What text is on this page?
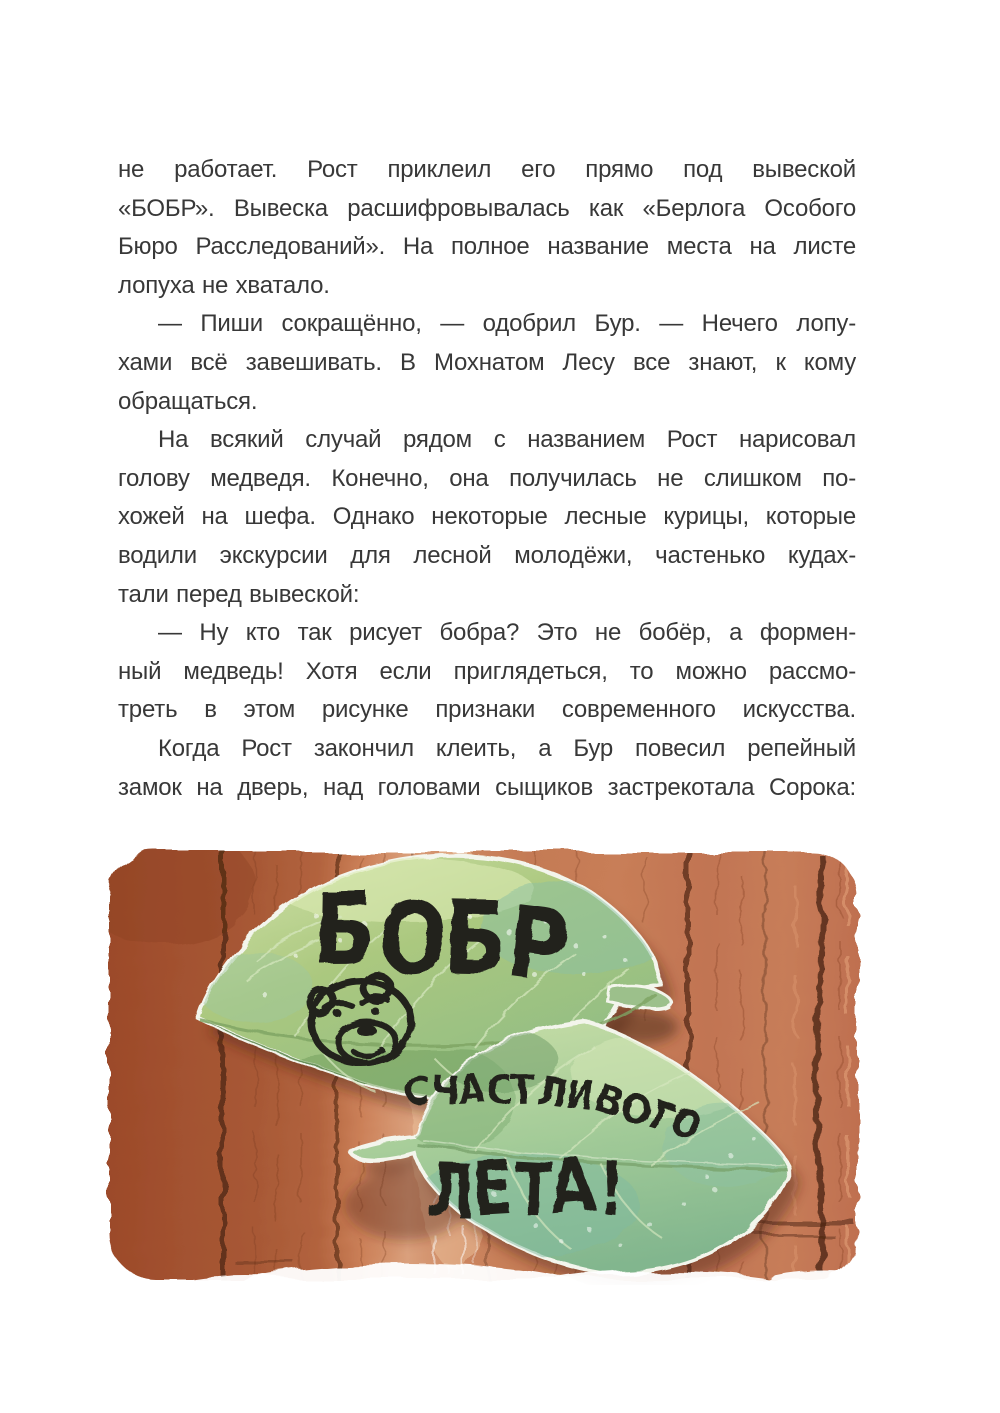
не работает. Рост приклеил его прямо под вывеской
«БОБР». Вывеска расшифровывалась как «Берлога Особого
Бюро Расследований». На полное название места на листе
лопуха не хватало.
— Пиши сокращённо, — одобрил Бур. — Нечего лопу-
хами всё завешивать. В Мохнатом Лесу все знают, к кому
обращаться.
На всякий случай рядом с названием Рост нарисовал
голову медведя. Конечно, она получилась не слишком по-
хожей на шефа. Однако некоторые лесные курицы, которые
водили экскурсии для лесной молодёжи, частенько кудах-
тали перед вывеской:
— Ну кто так рисует бобра? Это не бобёр, а формен-
ный медведь! Хотя если приглядеться, то можно рассмо-
треть в этом рисунке признаки современного искусства.
Когда Рост закончил клеить, а Бур повесил репейный
замок на дверь, над головами сыщиков застрекотала Сорока:
БОБР
СЧАСТЛИВОГО
ЛЕТА!
